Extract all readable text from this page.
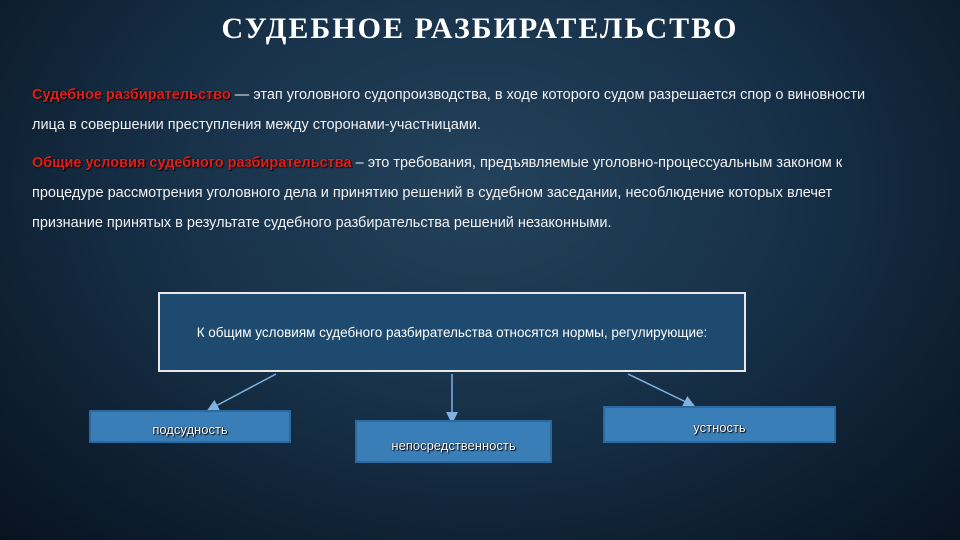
СУДЕБНОЕ РАЗБИРАТЕЛЬСТВО
Судебное разбирательство — этап уголовного судопроизводства, в ходе которого судом разрешается спор о виновности лица в совершении преступления между сторонами-участницами.
Общие условия судебного разбирательства – это требования, предъявляемые уголовно-процессуальным законом к процедуре рассмотрения уголовного дела и принятию решений в судебном заседании, несоблюдение которых влечет признание принятых в результате судебного разбирательства решений незаконными.
К общим условиям судебного разбирательства относятся нормы, регулирующие:
подсудность
непосредственность
устность
